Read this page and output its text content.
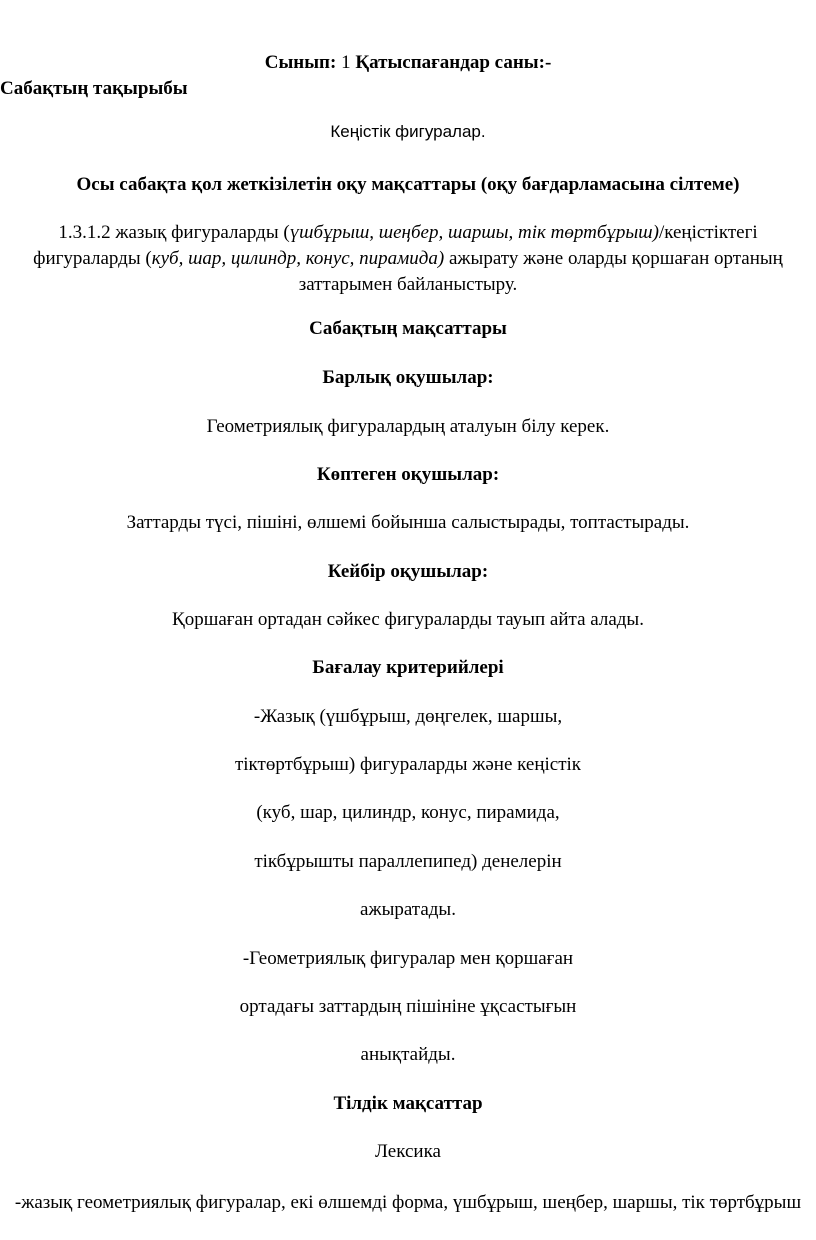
Сынып: 1 Қатыспағандар саны:-
Сабақтың тақырыбы
Кеңістік фигуралар.
Осы сабақта қол жеткізілетін оқу мақсаттары (оқу бағдарламасына сілтеме)
1.3.1.2 жазық фигураларды (үшбұрыш, шеңбер, шаршы, тік төртбұрыш)/кеңістіктегі фигураларды (куб, шар, цилиндр, конус, пирамида) ажырату және оларды қоршаған ортаның заттарымен байланыстыру.
Сабақтың мақсаттары
Барлық оқушылар:
Геометриялық фигуралардың аталуын білу керек.
Көптеген оқушылар:
Заттарды түсі, пішіні, өлшемі бойынша салыстырады, топтастырады.
Кейбір оқушылар:
Қоршаған ортадан сәйкес фигураларды тауып айта алады.
Бағалау критерийлері
-Жазық (үшбұрыш, дөңгелек, шаршы,
тіктөртбұрыш) фигураларды және кеңістік
(куб, шар, цилиндр, конус, пирамида,
тікбұрышты параллепипед) денелерін
ажыратады.
-Геометриялық фигуралар мен қоршаған
ортадағы заттардың пішініне ұқсастығын
анықтайды.
Тілдік мақсаттар
Лексика
-жазық геометриялық фигуралар, екі өлшемді форма, үшбұрыш, шеңбер, шаршы, тік төртбұрыш
